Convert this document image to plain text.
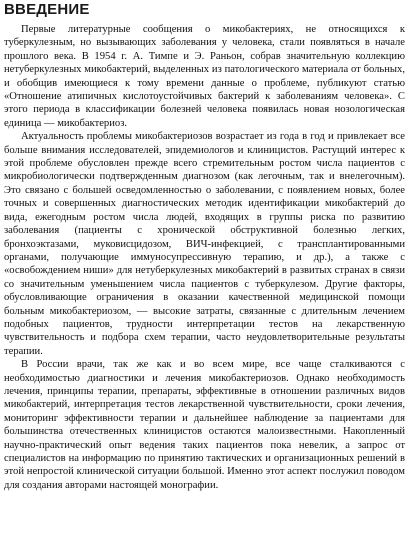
ВВЕДЕНИЕ

Первые литературные сообщения о микобактериях, не относящихся к туберкулезным, но вызывающих заболевания у человека, стали появляться в начале прошлого века. В 1954 г. А. Тимпе и Э. Раньон, собрав значительную коллекцию нетуберкулезных микобактерий, выделенных из патологического материала от больных, и обобщив имеющиеся к тому времени данные о проблеме, публикуют статью «Отношение атипичных кислотоустойчивых бактерий к заболеваниям человека». С этого периода в классификации болезней человека появилась новая нозологическая единица — микобактериоз.

Актуальность проблемы микобактериозов возрастает из года в год и привлекает все больше внимания исследователей, эпидемиологов и клиницистов. Растущий интерес к этой проблеме обусловлен прежде всего стремительным ростом числа пациентов с микробиологически подтвержденным диагнозом (как легочным, так и внелегочным). Это связано с большей осведомленностью о заболевании, с появлением новых, более точных и совершенных диагностических методик идентификации микобактерий до вида, ежегодным ростом числа людей, входящих в группы риска по развитию заболевания (пациенты с хронической обструктивной болезнью легких, бронхоэктазами, муковисцидозом, ВИЧ-инфекцией, с трансплантированными органами, получающие иммуносупрессивную терапию, и др.), а также с «освобождением ниши» для нетуберкулезных микобактерий в развитых странах в связи со значительным уменьшением числа пациентов с туберкулезом. Другие факторы, обусловливающие ограничения в оказании качественной медицинской помощи больным микобактериозом, — высокие затраты, связанные с длительным лечением подобных пациентов, трудности интерпретации тестов на лекарственную чувствительность и подбора схем терапии, часто неудовлетворительные результаты терапии.

В России врачи, так же как и во всем мире, все чаще сталкиваются с необходимостью диагностики и лечения микобактериозов. Однако необходимость лечения, принципы терапии, препараты, эффективные в отношении различных видов микобактерий, интерпретация тестов лекарственной чувствительности, сроки лечения, мониторинг эффективности терапии и дальнейшее наблюдение за пациентами для большинства отечественных клиницистов остаются малоизвестными. Накопленный научно-практический опыт ведения таких пациентов пока невелик, а запрос от специалистов на информацию по принятию тактических и организационных решений в этой непростой клинической ситуации большой. Именно этот аспект послужил поводом для создания авторами настоящей монографии.
